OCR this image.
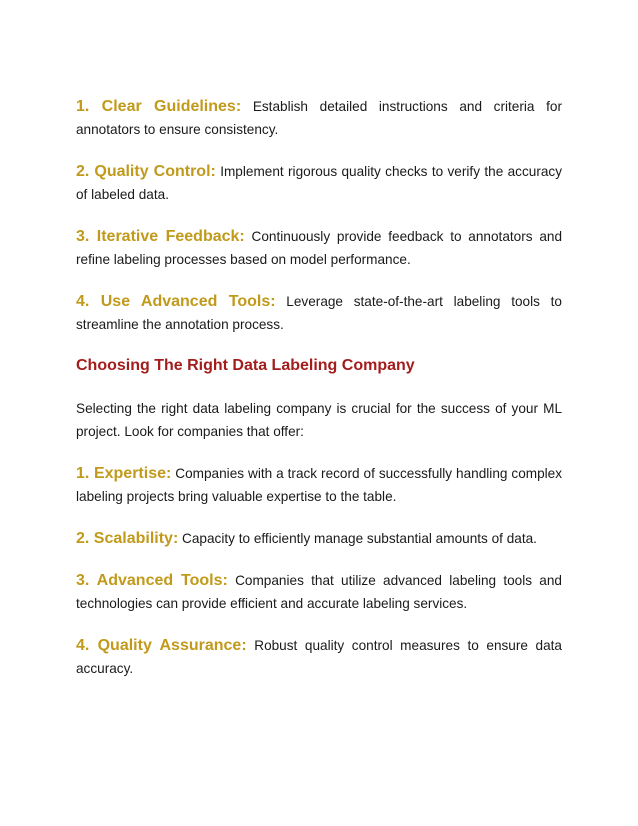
1. Clear Guidelines: Establish detailed instructions and criteria for annotators to ensure consistency.

2. Quality Control: Implement rigorous quality checks to verify the accuracy of labeled data.

3. Iterative Feedback: Continuously provide feedback to annotators and refine labeling processes based on model performance.

4. Use Advanced Tools: Leverage state-of-the-art labeling tools to streamline the annotation process.

Choosing The Right Data Labeling Company

Selecting the right data labeling company is crucial for the success of your ML project. Look for companies that offer:

1. Expertise: Companies with a track record of successfully handling complex labeling projects bring valuable expertise to the table.

2. Scalability: Capacity to efficiently manage substantial amounts of data.

3. Advanced Tools: Companies that utilize advanced labeling tools and technologies can provide efficient and accurate labeling services.

4. Quality Assurance: Robust quality control measures to ensure data accuracy.
